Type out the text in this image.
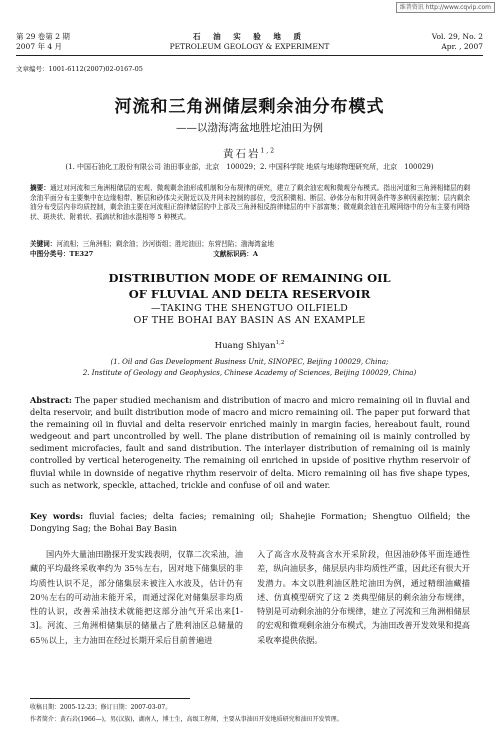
维普资讯 http://www.cqvip.com
第 29 卷第 2 期
2007 年 4 月
石 油 实 验 地 质
PETROLEUM GEOLOGY & EXPERIMENT
Vol. 29, No. 2
Apr. , 2007
文章编号：1001-6112(2007)02-0167-05
河流和三角洲储层剩余油分布模式
——以渤海湾盆地胜坨油田为例
黄石岩$^{1,2}$
(1. 中国石油化工股份有限公司 油田事业部，北京　100029；2. 中国科学院 地质与地球物理研究所，北京　100029)
摘要：通过对河流和三角洲相储层的宏观、微观剩余油形成机制和分布规律的研究，建立了剩余油宏观和微观分布模式。指出河道和三角洲相储层的剩余油平面分布主要集中在边缘相带、断层和砂体尖灭附近以及井网未控制的部位，受沉积微相、断层、砂体分布和井网条件等多种因素控制；层内剩余油分布受层内非均质控制，剩余油主要在河流相正韵律储层的中上部及三角洲相反韵律储层的中下部富集；微观剩余油在孔喉网络中的分布主要有网络状、斑块状、附着状、孤滴状和油水混相等 5 种模式。
关键词：河流相；三角洲相；剩余油；沙河街组；胜坨油田；东营凹陷；渤海湾盆地
中图分类号：TE327	文献标识码：A
DISTRIBUTION MODE OF REMAINING OIL
OF FLUVIAL AND DELTA RESERVOIR
—TAKING THE SHENGTUO OILFIELD
OF THE BOHAI BAY BASIN AS AN EXAMPLE
Huang Shiyan$^{1,2}$
(1. Oil and Gas Development Business Unit, SINOPEC, Beijing 100029, China;
2. Institute of Geology and Geophysics, Chinese Academy of Sciences, Beijing 100029, China)
Abstract: The paper studied mechanism and distribution of macro and micro remaining oil in fluvial and delta reservoir, and built distribution mode of macro and micro remaining oil. The paper put forward that the remaining oil in fluvial and delta reservoir enriched mainly in margin facies, hereabout fault, round wedgeout and part uncontrolled by well. The plane distribution of remaining oil is mainly controlled by sediment microfacies, fault and sand distribution. The interlayer distribution of remaining oil is mainly controlled by vertical heterogeneity. The remaining oil enriched in upside of positive rhythm reservoir of fluvial while in downside of negative rhythm reservoir of delta. Micro remaining oil has five shape types, such as network, speckle, attached, trickle and confuse of oil and water.
Key words: fluvial facies; delta facies; remaining oil; Shahejie Formation; Shengtuo Oilfield; the Dongying Sag; the Bohai Bay Basin
国内外大量油田勘探开发实践表明，仅靠二次采油，油藏的平均最终采收率约为 35％左右，因对地下储集层的非均质性认识不足，部分储集层未被注入水波及，估计仍有 20％左右的可动油未能开采，而通过深化对储集层非均质性的认识，改善采油技术就能把这部分油气开采出来[1-3]。河流、三角洲相储集层的储量占了胜利油区总储量的 65％以上，主力油田在经过长期开采后目前普遍进
入了高含水及特高含水开采阶段，但因油砂体平面连通性差，纵向油层多，储层层内非均质性严重，因此还有很大开发潜力。本文以胜利油区胜坨油田为例，通过精细油藏描述、仿真模型研究了这 2 类典型储层的剩余油分布规律，特别是可动剩余油的分布规律，建立了河流和三角洲相储层的宏观和微观剩余油分布模式，为油田改善开发效果和提高采收率提供依据。
收稿日期：2005-12-23；修订日期：2007-03-07。
作者简介：黄石岩(1966—)，男(汉族)，湖南人，博士生，高级工程师，主要从事油田开发地质研究和油田开发管理。
